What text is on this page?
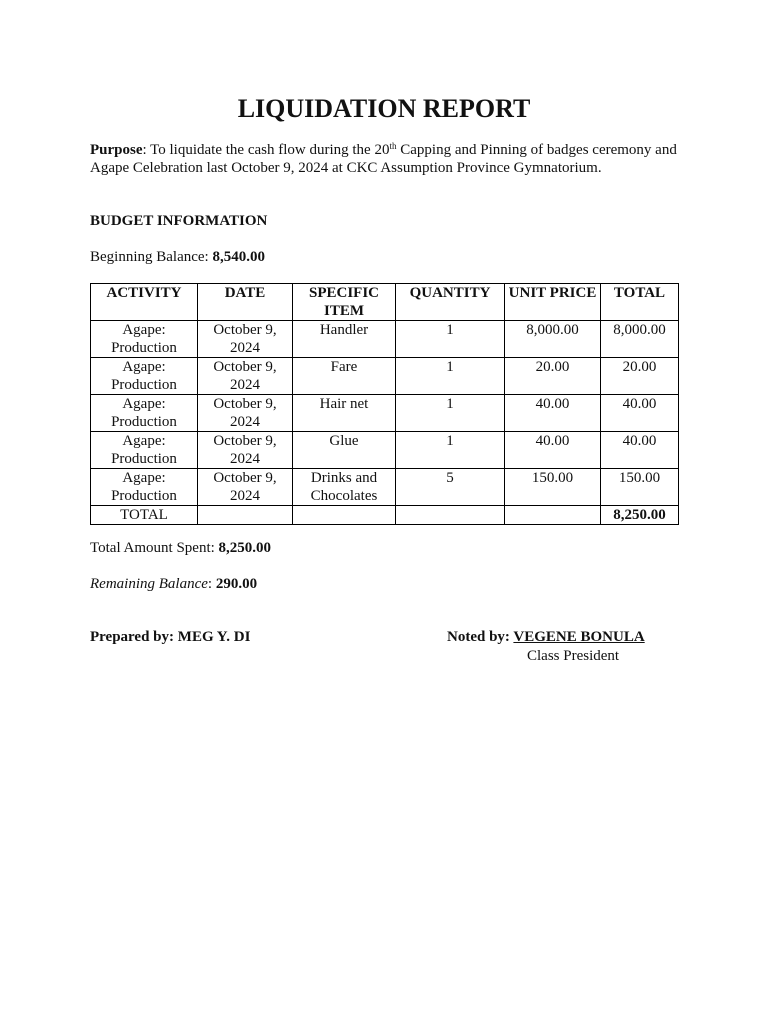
LIQUIDATION REPORT

Purpose: To liquidate the cash flow during the 20th Capping and Pinning of badges ceremony and Agape Celebration last October 9, 2024 at CKC Assumption Province Gymnatorium.

BUDGET INFORMATION

Beginning Balance: 8,540.00

ACTIVITY	DATE	SPECIFIC ITEM	QUANTITY	UNIT PRICE	TOTAL
Agape: Production	October 9, 2024	Handler	1	8,000.00	8,000.00
Agape: Production	October 9, 2024	Fare	1	20.00	20.00
Agape: Production	October 9, 2024	Hair net	1	40.00	40.00
Agape: Production	October 9, 2024	Glue	1	40.00	40.00
Agape: Production	October 9, 2024	Drinks and Chocolates	5	150.00	150.00
TOTAL					8,250.00

Total Amount Spent: 8,250.00

Remaining Balance: 290.00

Prepared by: MEG Y. DI	Noted by: VEGENE BONULA

Class President
